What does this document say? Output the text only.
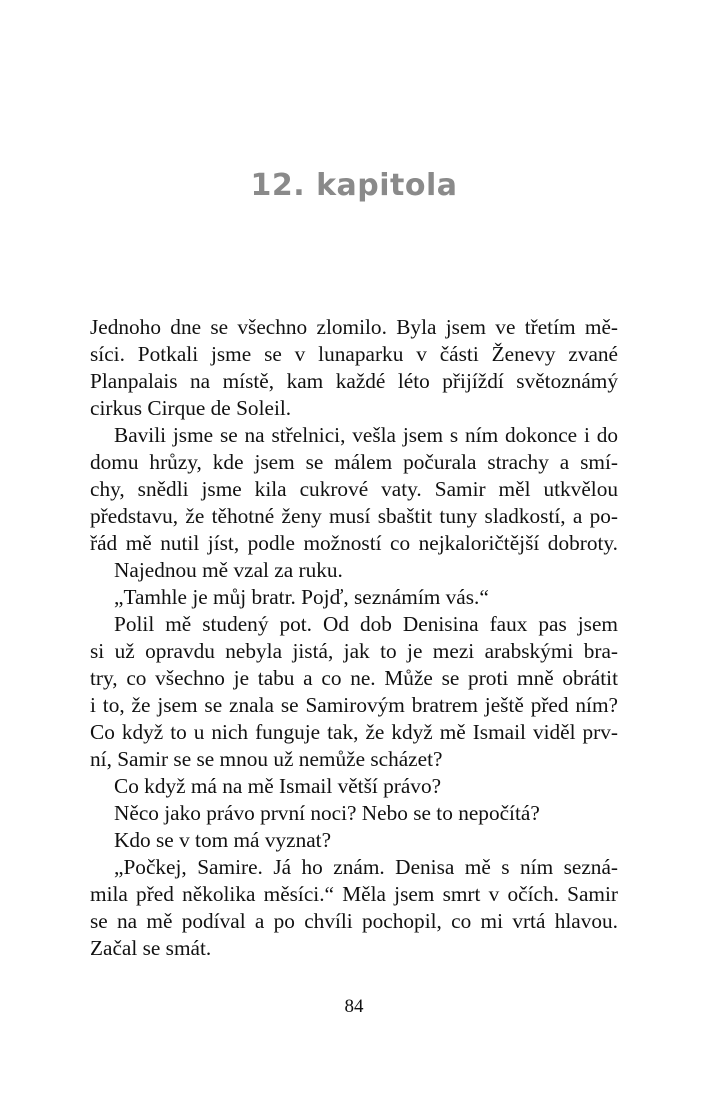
12. kapitola
Jednoho dne se všechno zlomilo. Byla jsem ve třetím mě-
síci. Potkali jsme se v lunaparku v části Ženevy zvané
Planpalais na místě, kam každé léto přijíždí světoznámý
cirkus Cirque de Soleil.
Bavili jsme se na střelnici, vešla jsem s ním dokonce i do
domu hrůzy, kde jsem se málem počurala strachy a smí-
chy, snědli jsme kila cukrové vaty. Samir měl utkvělou
představu, že těhotné ženy musí sbaštit tuny sladkostí, a po-
řád mě nutil jíst, podle možností co nejkaloričtější dobroty.
Najednou mě vzal za ruku.
„Tamhle je můj bratr. Pojď, seznámím vás.“
Polil mě studený pot. Od dob Denisina faux pas jsem
si už opravdu nebyla jistá, jak to je mezi arabskými bra-
try, co všechno je tabu a co ne. Může se proti mně obrátit
i to, že jsem se znala se Samirovým bratrem ještě před ním?
Co když to u nich funguje tak, že když mě Ismail viděl prv-
ní, Samir se se mnou už nemůže scházet?
Co když má na mě Ismail větší právo?
Něco jako právo první noci? Nebo se to nepočítá?
Kdo se v tom má vyznat?
„Počkej, Samire. Já ho znám. Denisa mě s ním sezná-
mila před několika měsíci.“ Měla jsem smrt v očích. Samir
se na mě podíval a po chvíli pochopil, co mi vrtá hlavou.
Začal se smát.
84
